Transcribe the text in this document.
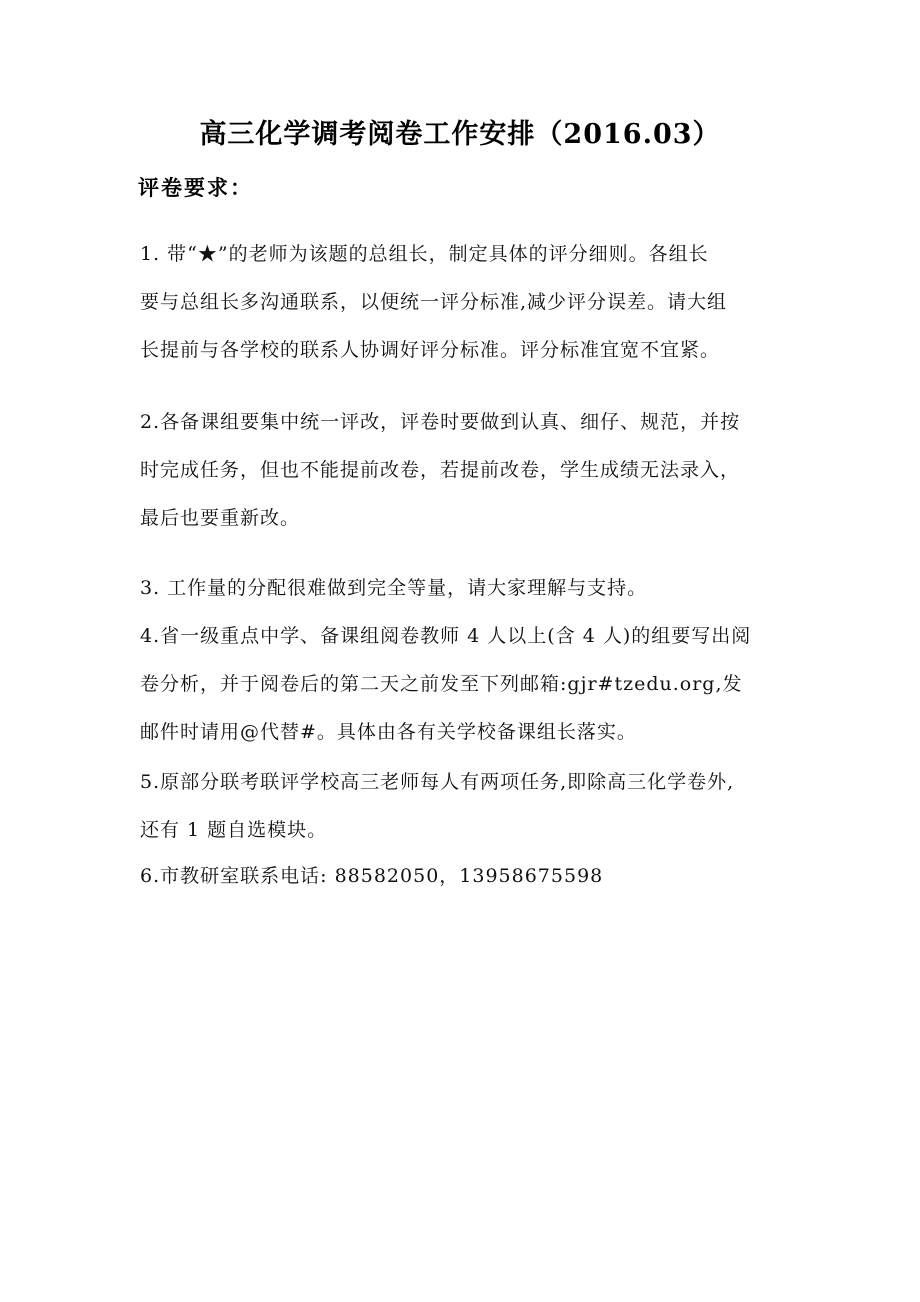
高三化学调考阅卷工作安排（2016.03）
评卷要求：
1. 带“★”的老师为该题的总组长，制定具体的评分细则。各组长
要与总组长多沟通联系，以便统一评分标准,减少评分误差。请大组
长提前与各学校的联系人协调好评分标准。评分标准宜宽不宜紧。
2.各备课组要集中统一评改，评卷时要做到认真、细仔、规范，并按
时完成任务，但也不能提前改卷，若提前改卷，学生成绩无法录入，
最后也要重新改。
3. 工作量的分配很难做到完全等量，请大家理解与支持。
4.省一级重点中学、备课组阅卷教师 4 人以上(含 4 人)的组要写出阅
卷分析，并于阅卷后的第二天之前发至下列邮箱:gjr#tzedu.org,发
邮件时请用@代替#。具体由各有关学校备课组长落实。
5.原部分联考联评学校高三老师每人有两项任务,即除高三化学卷外,
还有 1 题自选模块。
6.市教研室联系电话: 88582050，13958675598
